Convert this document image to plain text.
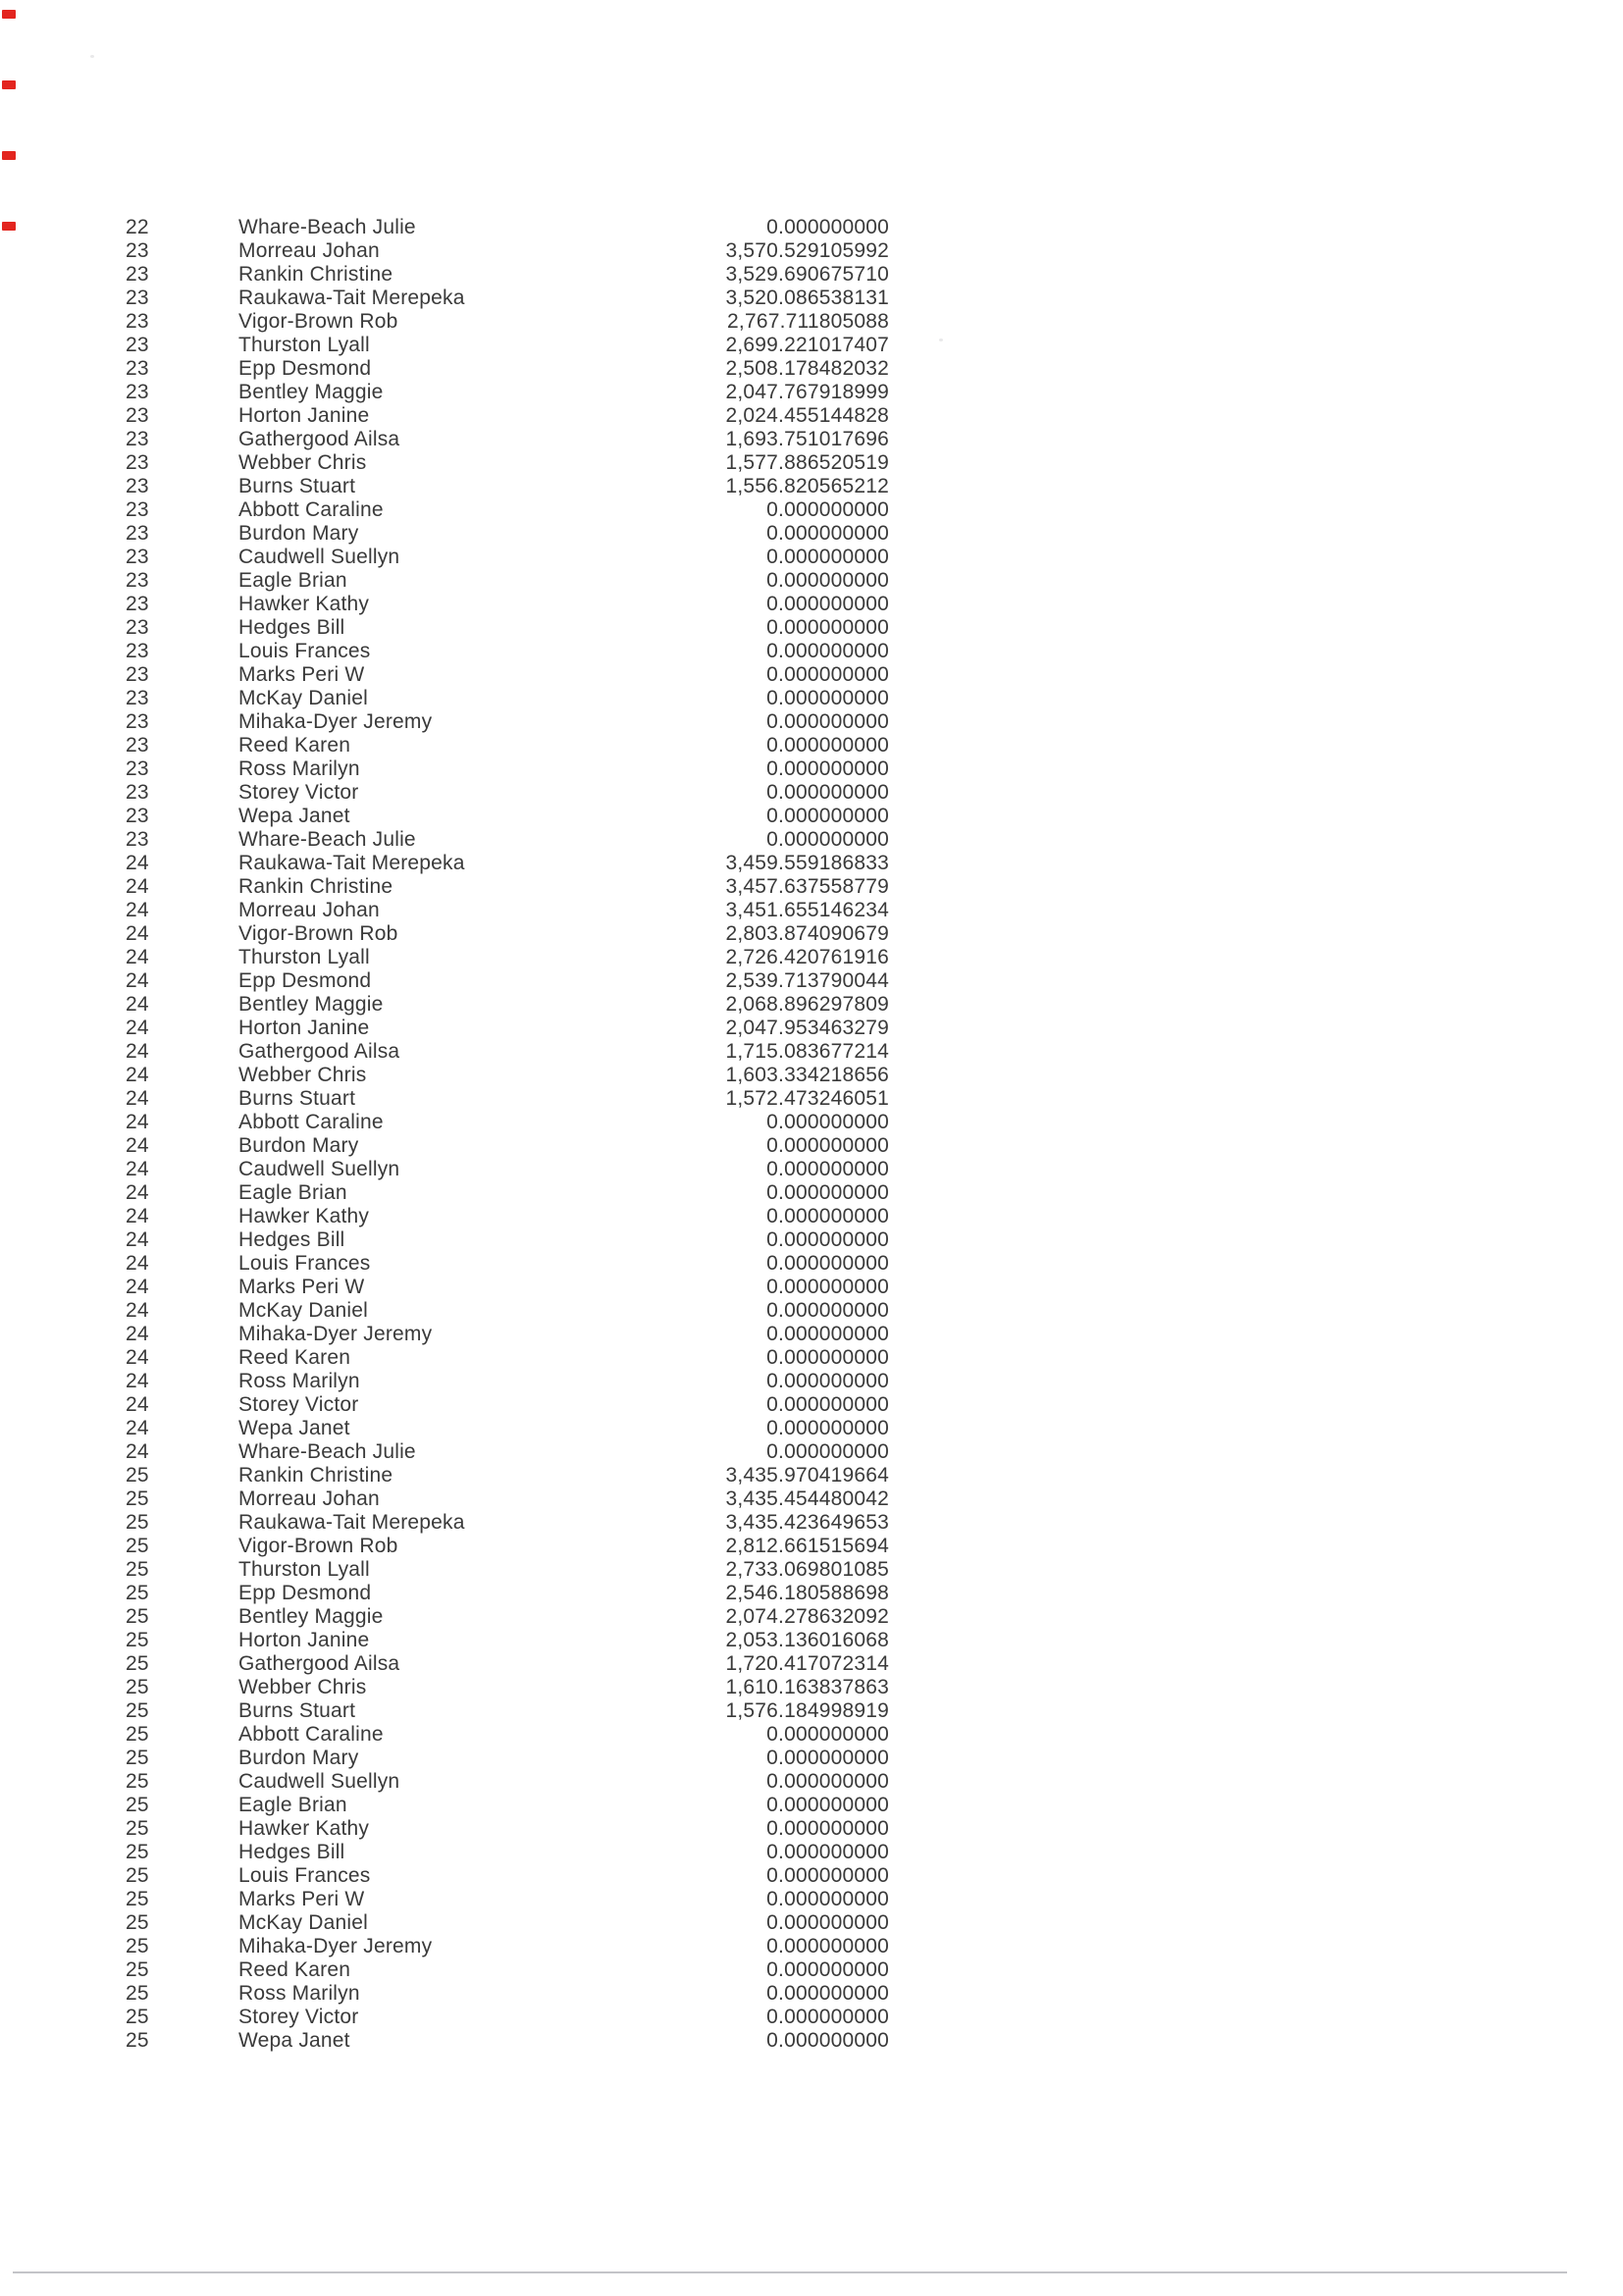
22	Whare-Beach Julie	0.000000000
23	Morreau Johan	3,570.529105992
23	Rankin Christine	3,529.690675710
23	Raukawa-Tait Merepeka	3,520.086538131
23	Vigor-Brown Rob	2,767.711805088
23	Thurston Lyall	2,699.221017407
23	Epp Desmond	2,508.178482032
23	Bentley Maggie	2,047.767918999
23	Horton Janine	2,024.455144828
23	Gathergood Ailsa	1,693.751017696
23	Webber Chris	1,577.886520519
23	Burns Stuart	1,556.820565212
23	Abbott Caraline	0.000000000
23	Burdon Mary	0.000000000
23	Caudwell Suellyn	0.000000000
23	Eagle Brian	0.000000000
23	Hawker Kathy	0.000000000
23	Hedges Bill	0.000000000
23	Louis Frances	0.000000000
23	Marks Peri W	0.000000000
23	McKay Daniel	0.000000000
23	Mihaka-Dyer Jeremy	0.000000000
23	Reed Karen	0.000000000
23	Ross Marilyn	0.000000000
23	Storey Victor	0.000000000
23	Wepa Janet	0.000000000
23	Whare-Beach Julie	0.000000000
24	Raukawa-Tait Merepeka	3,459.559186833
24	Rankin Christine	3,457.637558779
24	Morreau Johan	3,451.655146234
24	Vigor-Brown Rob	2,803.874090679
24	Thurston Lyall	2,726.420761916
24	Epp Desmond	2,539.713790044
24	Bentley Maggie	2,068.896297809
24	Horton Janine	2,047.953463279
24	Gathergood Ailsa	1,715.083677214
24	Webber Chris	1,603.334218656
24	Burns Stuart	1,572.473246051
24	Abbott Caraline	0.000000000
24	Burdon Mary	0.000000000
24	Caudwell Suellyn	0.000000000
24	Eagle Brian	0.000000000
24	Hawker Kathy	0.000000000
24	Hedges Bill	0.000000000
24	Louis Frances	0.000000000
24	Marks Peri W	0.000000000
24	McKay Daniel	0.000000000
24	Mihaka-Dyer Jeremy	0.000000000
24	Reed Karen	0.000000000
24	Ross Marilyn	0.000000000
24	Storey Victor	0.000000000
24	Wepa Janet	0.000000000
24	Whare-Beach Julie	0.000000000
25	Rankin Christine	3,435.970419664
25	Morreau Johan	3,435.454480042
25	Raukawa-Tait Merepeka	3,435.423649653
25	Vigor-Brown Rob	2,812.661515694
25	Thurston Lyall	2,733.069801085
25	Epp Desmond	2,546.180588698
25	Bentley Maggie	2,074.278632092
25	Horton Janine	2,053.136016068
25	Gathergood Ailsa	1,720.417072314
25	Webber Chris	1,610.163837863
25	Burns Stuart	1,576.184998919
25	Abbott Caraline	0.000000000
25	Burdon Mary	0.000000000
25	Caudwell Suellyn	0.000000000
25	Eagle Brian	0.000000000
25	Hawker Kathy	0.000000000
25	Hedges Bill	0.000000000
25	Louis Frances	0.000000000
25	Marks Peri W	0.000000000
25	McKay Daniel	0.000000000
25	Mihaka-Dyer Jeremy	0.000000000
25	Reed Karen	0.000000000
25	Ross Marilyn	0.000000000
25	Storey Victor	0.000000000
25	Wepa Janet	0.000000000
